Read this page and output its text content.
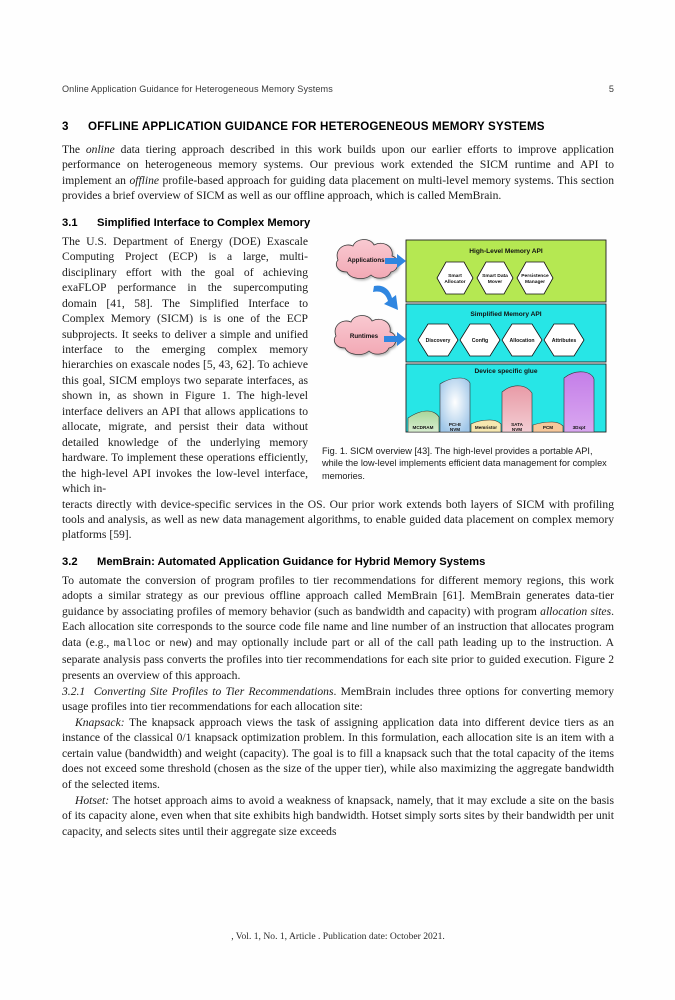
Online Application Guidance for Heterogeneous Memory Systems	5
3	OFFLINE APPLICATION GUIDANCE FOR HETEROGENEOUS MEMORY SYSTEMS

The online data tiering approach described in this work builds upon our earlier efforts to improve application performance on heterogeneous memory systems. Our previous work extended the SICM runtime and API to implement an offline profile-based approach for guiding data placement on multi-level memory systems. This section provides a brief overview of SICM as well as our offline approach, which is called MemBrain.

3.1	Simplified Interface to Complex Memory
High-Level Memory API
Smart
Allocator
Smart Data
Mover
Persistence
Manager
Simplified Memory API
Discovery	Config	Allocation	Attributes
Device specific glue
MCDRAM
PCI-E
NVM	Memristor
SATA
NVM	PCM	3Dxpt
Applications
Runtimes
Fig. 1. SICM overview [43]. The high-level provides a portable API, while the low-level implements efficient data management for complex memories.

The U.S. Department of Energy (DOE) Exascale Computing Project (ECP) is a large, multi-disciplinary effort with the goal of achieving exaFLOP performance in the supercomputing domain [41, 58]. The Simplified Interface to Complex Memory (SICM) is is one of the ECP subprojects. It seeks to deliver a simple and unified interface to the emerging complex memory hierarchies on exascale nodes [5, 43, 62]. To achieve this goal, SICM employs two separate interfaces, as shown in, as shown in Figure 1. The high-level interface delivers an API that allows applications to allocate, migrate, and persist their data without detailed knowledge of the underlying memory hardware. To implement these operations efficiently, the high-level API invokes the low-level interface, which in-

teracts directly with device-specific services in the OS. Our prior work extends both layers of SICM with profiling tools and analysis, as well as new data management algorithms, to enable guided data placement on complex memory platforms [59].

3.2	MemBrain: Automated Application Guidance for Hybrid Memory Systems

To automate the conversion of program profiles to tier recommendations for different memory regions, this work adopts a similar strategy as our previous offline approach called MemBrain [61]. MemBrain generates data-tier guidance by associating profiles of memory behavior (such as bandwidth and capacity) with program allocation sites. Each allocation site corresponds to the source code file name and line number of an instruction that allocates program data (e.g., malloc or new) and may optionally include part or all of the call path leading up to the instruction. A separate analysis pass converts the profiles into tier recommendations for each site prior to guided execution. Figure 2 presents an overview of this approach.

3.2.1 Converting Site Profiles to Tier Recommendations. MemBrain includes three options for converting memory usage profiles into tier recommendations for each allocation site:

Knapsack: The knapsack approach views the task of assigning application data into different device tiers as an instance of the classical 0/1 knapsack optimization problem. In this formulation, each allocation site is an item with a certain value (bandwidth) and weight (capacity). The goal is to fill a knapsack such that the total capacity of the items does not exceed some threshold (chosen as the size of the upper tier), while also maximizing the aggregate bandwidth of the selected items.

Hotset: The hotset approach aims to avoid a weakness of knapsack, namely, that it may exclude a site on the basis of its capacity alone, even when that site exhibits high bandwidth. Hotset simply sorts sites by their bandwidth per unit capacity, and selects sites until their aggregate size exceeds

, Vol. 1, No. 1, Article . Publication date: October 2021.
